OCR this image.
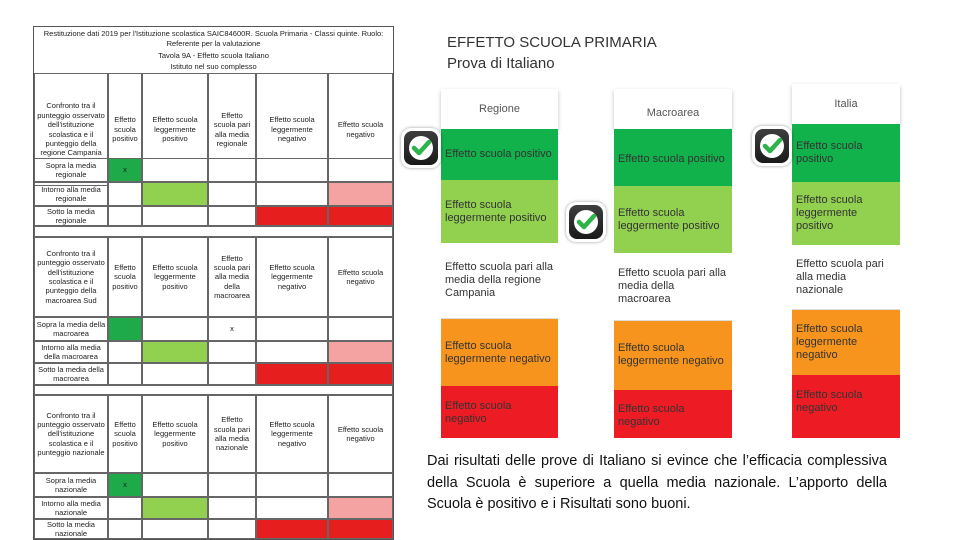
Restituzione dati 2019 per l'Istituzione scolastica SAIC84600R. Scuola Primaria - Classi quinte. Ruolo: Referente per la valutazione
Tavola 9A - Effetto scuola Italiano
Istituto nel suo complesso
Confronto tra il punteggio osservato dell'istituzione scolastica e il punteggio della regione Campania
Effetto scuola positivo
Effetto scuola leggermente positivo
Effetto scuola pari alla media regionale
Effetto scuola leggermente negativo
Effetto scuola negativo
Sopra la media regionale
Intorno alla media regionale
Sotto la media regionale
x
Confronto tra il punteggio osservato dell'istituzione scolastica e il punteggio della macroarea Sud
Effetto scuola positivo
Effetto scuola leggermente positivo
Effetto scuola pari alla media della macroarea
Effetto scuola leggermente negativo
Effetto scuola negativo
Sopra la media della macroarea
Intorno alla media della macroarea
Sotto la media della macroarea
x
Confronto tra il punteggio osservato dell'istituzione scolastica e il punteggio nazionale
Effetto scuola positivo
Effetto scuola leggermente positivo
Effetto scuola pari alla media nazionale
Effetto scuola leggermente negativo
Effetto scuola negativo
Sopra la media nazionale
Intorno alla media nazionale
Sotto la media nazionale
x
EFFETTO SCUOLA PRIMARIA
Prova di Italiano
Regione	Macroarea
Italia
Effetto scuola positivo
Effetto scuola leggermente positivo
Effetto scuola pari alla media della regione Campania
Effetto scuola leggermente negativo
Effetto scuola negativo
Effetto scuola positivo
Effetto scuola leggermente positivo
Effetto scuola pari alla media della macroarea
Effetto scuola leggermente negativo
Effetto scuola negativo
Effetto scuola positivo
Effetto scuola leggermente positivo
Effetto scuola pari alla media nazionale
Effetto scuola leggermente negativo
Effetto scuola negativo
Dai risultati delle prove di Italiano si evince che l’efficacia complessiva della Scuola è superiore a quella media nazionale. L’apporto della Scuola è positivo e i Risultati sono buoni.
